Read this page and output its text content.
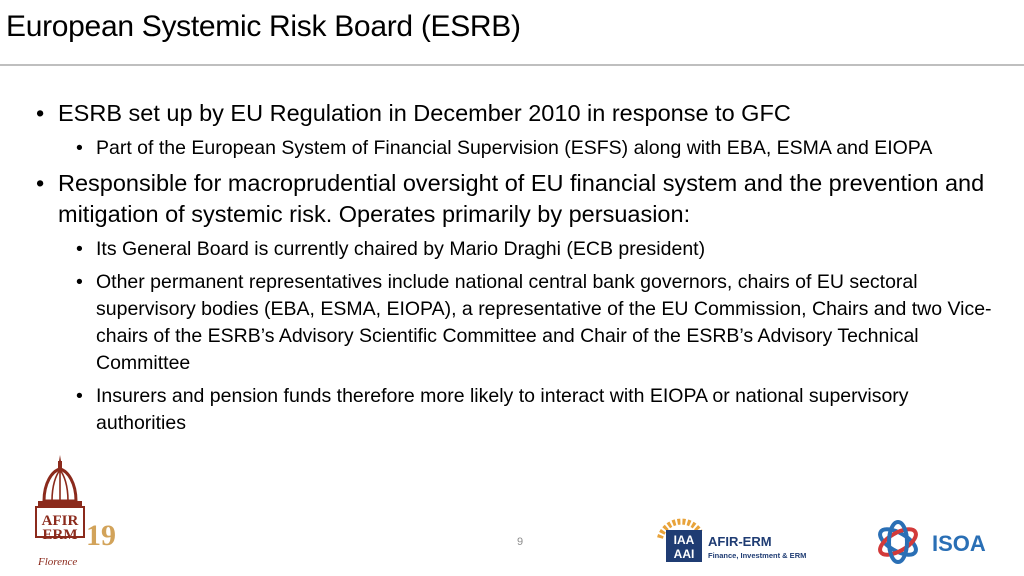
European Systemic Risk Board (ESRB)
• ESRB set up by EU Regulation in December 2010 in response to GFC
• Part of the European System of Financial Supervision (ESFS) along with EBA, ESMA and EIOPA
• Responsible for macroprudential oversight of EU financial system and the prevention and mitigation of systemic risk. Operates primarily by persuasion:
• Its General Board is currently chaired by Mario Draghi (ECB president)
• Other permanent representatives include national central bank governors, chairs of EU sectoral supervisory bodies (EBA, ESMA, EIOPA), a representative of the EU Commission, Chairs and two Vice-chairs of the ESRB’s Advisory Scientific Committee and Chair of the ESRB’s Advisory Technical Committee
• Insurers and pension funds therefore more likely to interact with EIOPA or national supervisory authorities
9
AFIR
ERM 19
Florence
IAA
AAI
AFIR-ERM
Finance, Investment & ERM	ISOA
